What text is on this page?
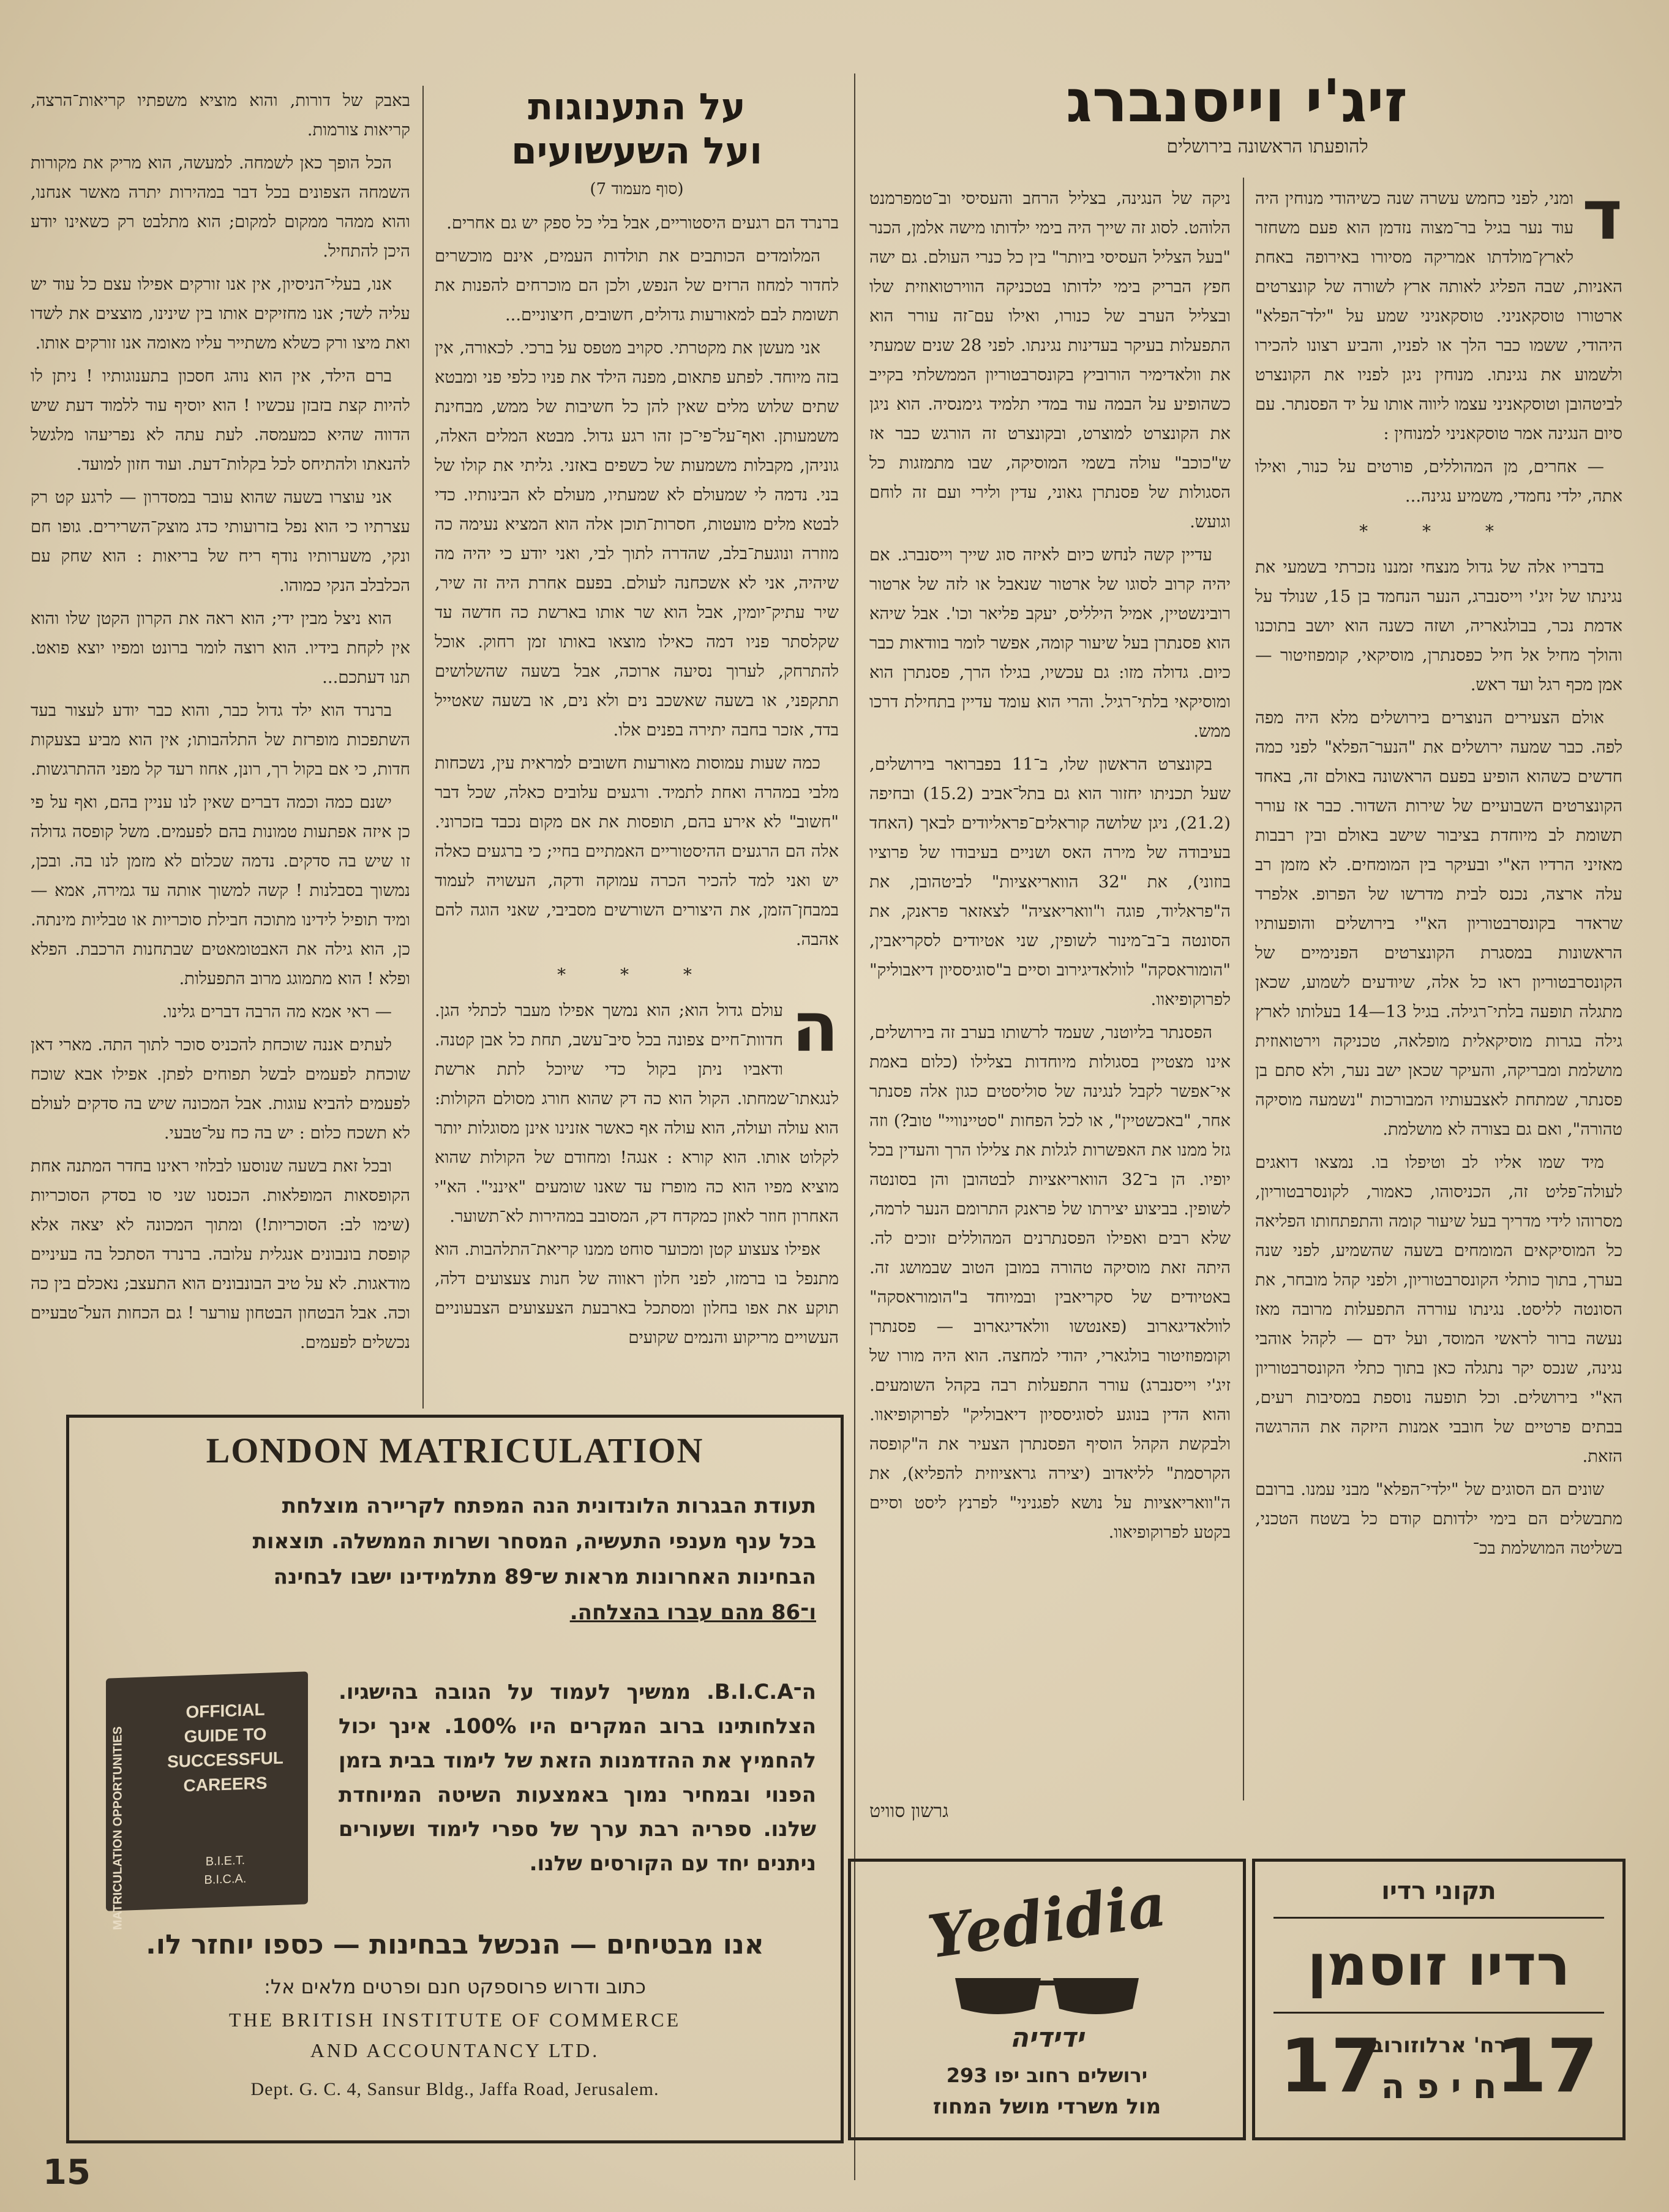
זיג'י וייסנברג
להופעתו הראשונה בירושלים
על התענוגות
ועל השעשועים
(סוף מעמוד 7)	ד
ומני, לפני כחמש עשרה שנה כשיהודי מנוחין היה עוד נער בגיל בר־מצוה נזדמן הוא פעם משחזר לארץ־מולדתו אמריקה מסיורו באירופה באחת האניות, שבה הפליג לאותה ארץ לשורה של קונצרטים ארטורו טוסקאניני. טוסקאניני שמע על "ילד־הפלא" היהודי, ששמו כבר הלך או לפניו, והביע רצונו להכירו ולשמוע את נגינתו. מנוחין ניגן לפניו את הקונצרט לביטהובן וטוסקאניני עצמו ליווה אותו על יד הפסנתר. עם סיום הנגינה אמר טוסקאניני למנוחין :

— אחרים, מן המהוללים, פורטים על כנור, ואילו אתה, ילדי נחמדי, משמיע נגינה...

* * *

בדבריו אלה של גדול מנצחי זמננו נזכרתי בשמעי את נגינתו של זיג'י וייסנברג, הנער הנחמד בן 15, שנולד על אדמת נכר, בבולגאריה, ושזה כשנה הוא יושב בתוכנו והולך מחיל אל חיל כפסנתרן, מוסיקאי, קומפוזיטור — אמן מכף רגל ועד ראש.

אולם הצעירים הנוצרים בירושלים מלא היה מפה לפה. כבר שמעה ירושלים את "הנער־הפלא" לפני כמה חדשים כשהוא הופיע בפעם הראשונה באולם זה, באחד הקונצרטים השבועיים של שירות השדור. כבר אז עורר תשומת לב מיוחדת בציבור שישב באולם ובין רבבות מאזיני הרדיו הא"י ובעיקר בין המומחים. לא מזמן רב עלה ארצה, נכנס לבית מדרשו של הפרופ. אלפרד שראדר בקונסרבטוריון הא"י בירושלים והופעותיו הראשונות במסגרת הקונצרטים הפנימיים של הקונסרבטוריון ראו כל אלה, שיודעים לשמוע, שכאן מתגלה תופעה בלתי־רגילה. בגיל 13—14 בעלותו לארץ גילה בגרות מוסיקאלית מופלאה, טכניקה וירטואוזית מושלמת ומבריקה, והעיקר שכאן ישב נער, ולא סתם בן פסנתר, שמתחת לאצבעותיו המבורכות "נשמעה מוסיקה טהורה", ואם גם בצורה לא מושלמת.

מיד שמו אליו לב וטיפלו בו. נמצאו דואגים לעולה־פליט זה, הכניסוהו, כאמור, לקונסרבטוריון, מסרוהו לידי מדריך בעל שיעור קומה והתפתחותו הפליאה כל המוסיקאים המומחים בשעה שהשמיע, לפני שנה בערך, בתוך כותלי הקונסרבטוריון, ולפני קהל מובחר, את הסונטה לליסט. נגינתו עוררה התפעלות מרובה מאז נעשה ברור לראשי המוסד, ועל ידם — לקהל אוהבי נגינה, שנכס יקר נתגלה כאן בתוך כתלי הקונסרבטוריון הא"י בירושלים. וכל תופעה נוספת במסיבות רעים, בבתים פרטיים של חובבי אמנות היזקה את ההרגשה הזאת.

שונים הם הסוגים של "ילדי־הפלא" מבני עמנו. ברובם מתבשלים הם בימי ילדותם קודם כל בשטח הטכני, בשליטה המושלמת בכ־

ניקה של הנגינה, בצליל הרחב והעסיסי וב־טמפרמנט הלוהט. לסוג זה שייך היה בימי ילדותו מישה אלמן, הכנר "בעל הצליל העסיסי ביותר" בין כל כנרי העולם. גם ישה חפץ הבריק בימי ילדותו בטכניקה הווירטואוזית שלו ובצליל הערב של כנורו, ואילו עם־זה עורר הוא התפעלות בעיקר בעדינות נגינתו. לפני 28 שנים שמעתי את וולאדימיר הורוביץ בקונסרבטוריון הממשלתי בקייב כשהופיע על הבמה עוד במדי תלמיד גימנסיה. הוא ניגן את הקונצרט למוצרט, ובקונצרט זה הורגש כבר אז ש"כוכב" עולה בשמי המוסיקה, שבו מתמזגות כל הסגולות של פסנתרן גאוני, עדין ולירי ועם זה לוחם וגועש.

עדיין קשה לנחש כיום לאיזה סוג שייך וייסנברג. אם יהיה קרוב לסוגו של ארטור שנאבל או לזה של ארטור רובינשטיין, אמיל הילליס, יעקב פליאר וכו'. אבל שיהא הוא פסנתרן בעל שיעור קומה, אפשר לומר בוודאות כבר כיום. גדולה מזו: גם עכשיו, בגילו הרך, פסנתרן הוא ומוסיקאי בלתי־רגיל. והרי הוא עומד עדיין בתחילת דרכו ממש.

בקונצרט הראשון שלו, ב־11 בפברואר בירושלים, שעל תכניתו יחזור הוא גם בתל־אביב (15.2) ובחיפה (21.2), ניגן שלושה קוראלים־פראליודים לבאך (האחד בעיבודה של מירה האס ושניים בעיבודו של פרוציו בוזוני), את "32 הוואריאציות" לביטהובן, את ה"פראליוד, פוגה ו"וואריאציה" לצאזאר פראנק, את הסונטה ב־ב־מינור לשופין, שני אטיודים לסקריאבין, "הומוראסקה" לוולאדיגירוב וסיים ב"סוגיססיון דיאבוליק" לפרוקופיאוו.

הפסנתר בליוטנר, שעמד לרשותו בערב זה בירושלים, אינו מצטיין בסגולות מיוחדות בצלילו (כלום באמת אי־אפשר לקבל לנגינה של סוליסטים כגון אלה פסנתר אחר, "באכשטיין", או לכל הפחות "סטיינוויי" טוב?) וזה גזל ממנו את האפשרות לגלות את צלילו הרך והעדין בכל יופיו. הן ב־32 הוואריאציות לבטהובן והן בסונטה לשופין. בביצוע יצירתו של פראנק התרומם הנער לרמה, שלא רבים ואפילו הפסנתרנים המהוללים זוכים לה. היתה זאת מוסיקה טהורה במובן הטוב שבמושג זה. באטיודים של סקריאבין ובמיוחד ב"הומוראסקה" לוולאדיגארוב (פאנטשו וולאדיגארוב — פסנתרן וקומפוזיטור בולגארי, יהודי למחצה. הוא היה מורו של זיג'י וייסנברג) עורר התפעלות רבה בקהל השומעים. והוא הדין בנוגע לסוגיססיון דיאבוליק" לפרוקופיאוו. ולבקשת הקהל הוסיף הפסנתרן הצעיר את ה"קופסה הקרסמת" לליאדוב (יצירה גראציוזית להפליא), את ה"וואריאציות על נושא לפגניני" לפרנץ ליסט וסיים בקטע לפרוקופיאוו.

גרשון סוויט

ברנרד הם רגעים היסטוריים, אבל בלי כל ספק יש גם אחרים.

המלומדים הכותבים את תולדות העמים, אינם מוכשרים לחדור למחוז הרזים של הנפש, ולכן הם מוכרחים להפנות את תשומת לבם למאורעות גדולים, חשובים, חיצוניים...

אני מעשן את מקטרתי. סקויב מטפס על ברכי. לכאורה, אין בזה מיוחד. לפתע פתאום, מפנה הילד את פניו כלפי פני ומבטא שתים שלוש מלים שאין להן כל חשיבות של ממש, מבחינת משמעותן. ואף־על־פי־כן זהו רגע גדול. מבטא המלים האלה, גוניהן, מקבלות משמעות של כשפים באזני. גליתי את קולו של בני. נדמה לי שמעולם לא שמעתיו, מעולם לא הבינותיו. כדי לבטא מלים מועטות, חסרות־תוכן אלה הוא המציא נעימה כה מוזרה ונוגעת־בלב, שהדרה לתוך לבי, ואני יודע כי יהיה מה שיהיה, אני לא אשכחנה לעולם. בפעם אחרת היה זה שיר, שיר עתיק־יומין, אבל הוא שר אותו בארשת כה חדשה עד שקלסתר פניו דמה כאילו מוצאו באותו זמן רחוק. אוכל להתרחק, לערוך נסיעה ארוכה, אבל בשעה שהשלושים תתקפני, או בשעה שאשכב נים ולא נים, או בשעה שאטייל בדד, אזכר בחבה יתירה בפנים אלו.

כמה שעות עמוסות מאורעות חשובים למראית עין, נשכחות מלבי במהרה ואחת לתמיד. ורגעים עלובים כאלה, שכל דבר "חשוב" לא אירע בהם, תופסות את אם מקום נכבד בזכרוני. אלה הם הרגעים ההיסטוריים האמתיים בחיי; כי ברגעים כאלה יש ואני למד להכיר הכרה עמוקה ודקה, העשויה לעמוד במבחן־הזמן, את היצורים השורשים מסביבי, שאני הוגה להם אהבה.

* * *

ה
עולם גדול הוא; הוא נמשך אפילו מעבר לכתלי הגן. חדוות־חיים צפונה בכל סיב־עשב, תחת כל אבן קטנה. ודאביו ניתן בקול כדי שיוכל לתת ארשת לנגאתו־שמחתו. הקול הוא כה דק שהוא חורג מסולם הקולות: הוא עולה ועולה, הוא עולה אף כאשר אזנינו אינן מסוגלות יותר לקלוט אותו. הוא קורא : אנגה! ומחודם של הקולות שהוא מוציא מפיו הוא כה מופרז עד שאנו שומעים "אינני". הא"י האחרון חוזר לאוזן כמקדח דק, המסובב במהירות לא־תשוער.

אפילו צעצוע קטן ומכוער סוחט ממנו קריאת־התלהבות. הוא מתנפל בו ברמזו, לפני חלון ראווה של חנות צעצועים דלה, תוקע את אפו בחלון ומסתכל בארבעת הצעצועים הצבעוניים העשויים מריקוע והנמים שקועים

באבק של דורות, והוא מוציא משפתיו קריאות־הרצה, קריאות צורמות.

הכל הופך כאן לשמחה. למעשה, הוא מריק את מקורות השמחה הצפונים בכל דבר במהירות יתרה מאשר אנחנו, והוא ממהר ממקום למקום; הוא מתלבט רק כשאינו יודע היכן להתחיל.

אנו, בעלי־הניסיון, אין אנו זורקים אפילו עצם כל עוד יש עליה לשד; אנו מחזיקים אותו בין שינינו, מוצצים את לשדו ואת מיצו ורק כשלא משתייר עליו מאומה אנו זורקים אותו.

ברם הילד, אין הוא נוהג חסכון בתענוגותיו ! ניתן לו להיות קצת בזבזן עכשיו ! הוא יוסיף עוד ללמוד דעת שיש הדווה שהיא כמעמסה. לעת עתה לא נפריעהו מלגשל להנאתו ולהתיחס לכל בקלות־דעת. ועוד חזון למועד.

אני עוצרו בשעה שהוא עובר במסדרון — לרגע קט רק עצרתיו כי הוא נפל בזרועותי כדג מוצק־השרירים. גופו חם ונקי, משערותיו נודף ריח של בריאות : הוא שחק עם הכלבלב הנקי כמוהו.

הוא ניצל מבין ידי; הוא ראה את הקרון הקטן שלו והוא אין לקחת בידיו. הוא רוצה לומר ברונט ומפיו יוצא פואט. תנו דעתכם...

ברנרד הוא ילד גדול כבר, והוא כבר יודע לעצור בעד השתפכות מופרזת של התלהבותו; אין הוא מביע בצעקות חדות, כי אם בקול רך, רונן, אחוז רעד קל מפני ההתרגשות.

ישנם כמה וכמה דברים שאין לנו עניין בהם, ואף על פי כן איזה אפתעות טמונות בהם לפעמים. משל קופסה גדולה זו שיש בה סדקים. נדמה שכלום לא מזמן לנו בה. ובכן, נמשוך בסבלנות ! קשה למשוך אותה עד גמירה, אמא — ומיד תופיל לידינו מתוכה חבילת סוכריות או טבליות מינתה. כן, הוא גילה את האבטומאטים שבתחנות הרכבת. הפלא ופלא ! הוא מתמוגג מרוב התפעלות.

— ראי אמא מה הרבה דברים גלינו.

לעתים אננה שוכחת להכניס סוכר לתוך התה. מארי דאן שוכחת לפעמים לבשל תפוחים לפתן. אפילו אבא שוכח לפעמים להביא עוגות. אבל המכונה שיש בה סדקים לעולם לא תשכח כלום : יש בה כח על־טבעי.

ובכל זאת בשעה שנוסעו לבלוזי ראינו בחדר המתנה אחת הקופסאות המופלאות. הכנסנו שני סו בסדק הסוכריות (שימו לב: הסוכריות!) ומתוך המכונה לא יצאה אלא קופסת בונבונים אנגלית עלובה. ברנרד הסתכל בה בעיניים מודאגות. לא על טיב הבונבונים הוא התעצב; נאכלם בין כה וכה. אבל הבטחון הבטחון עורער ! גם הכחות העל־טבעיים נכשלים לפעמים.

LONDON MATRICULATION
תעודת הבגרות הלונדונית הנה המפתח לקריירה מוצלחת
בכל ענף מענפי התעשיה, המסחר ושרות הממשלה. תוצאות
הבחינות האחרונות מראות ש־89 מתלמידינו ישבו לבחינה
ו־86 מהם עברו בהצלחה.
MATRICULATION OPPORTUNITIES
OFFICIAL
GUIDE TO
SUCCESSFUL
CAREERS
B.I.E.T.
B.I.C.A.
ה־B.I.C.A. ממשיך לעמוד על הגובה בהישגיו. הצלחותינו ברוב המקרים היו 100%. אינך יכול להחמיץ את ההזדמנות הזאת של לימוד בבית בזמן הפנוי ובמחיר נמוך באמצעות השיטה המיוחדת שלנו. ספריה רבת ערך של ספרי לימוד ושעורים ניתנים יחד עם הקורסים שלנו.
אנו מבטיחים — הנכשל בבחינות — כספו יוחזר לו.
כתוב ודרוש פרוספקט חנם ופרטים מלאים אל:
THE BRITISH INSTITUTE OF COMMERCE
AND ACCOUNTANCY LTD.
Dept. G. C. 4, Sansur Bldg., Jaffa Road, Jerusalem.
Yedidia
ידידיה
ירושלים רחוב יפו 293
מול משרדי מושל המחוז
תקוני רדיו
רדיו זוסמן
17 17
רח' ארלוזורוב
ח י פ ה
15
